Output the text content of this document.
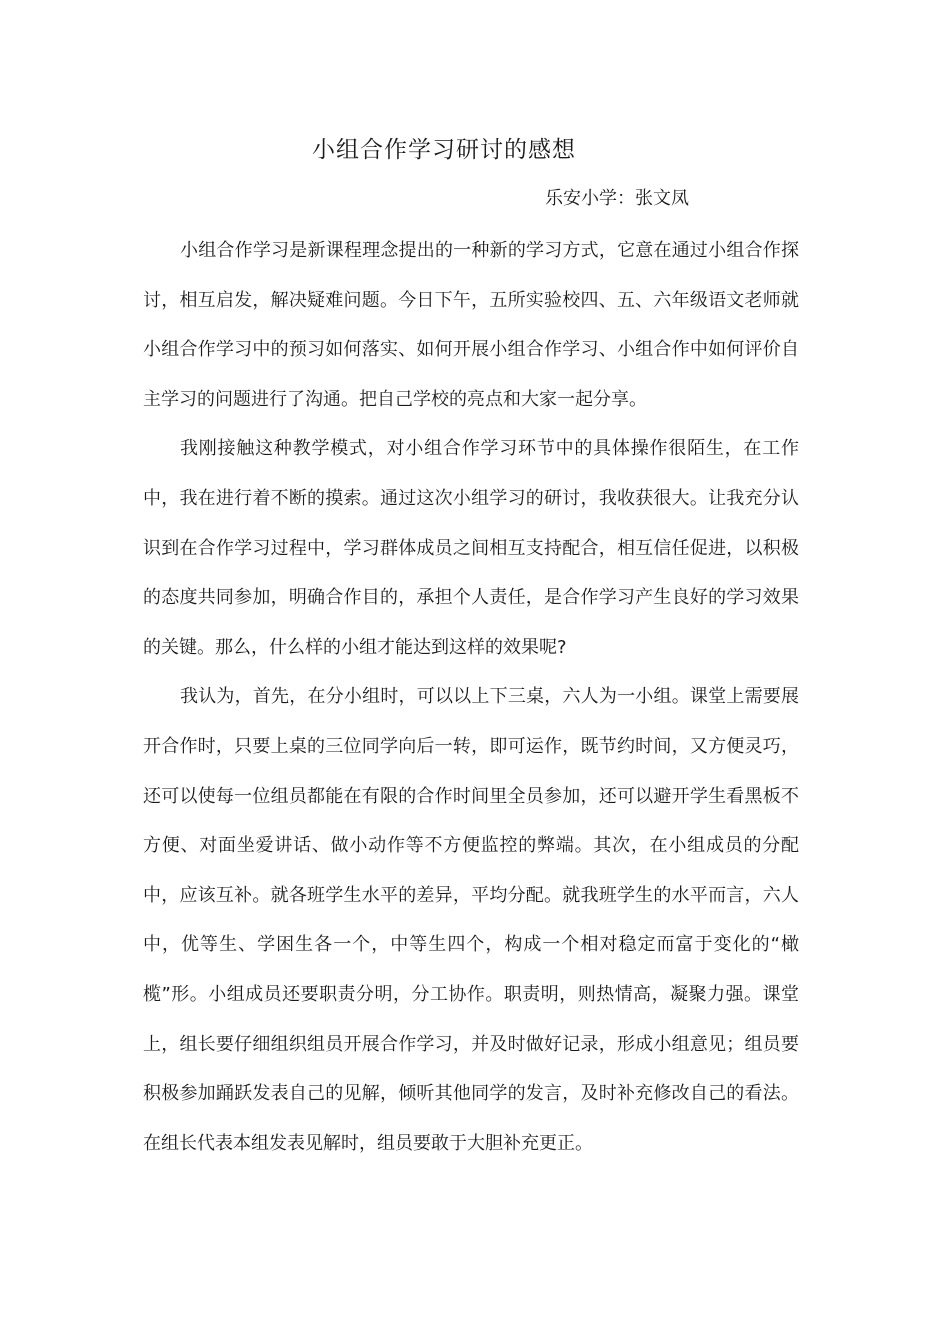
小组合作学习研讨的感想
乐安小学：张文凤

小组合作学习是新课程理念提出的一种新的学习方式，它意在通过小组合作探讨，相互启发，解决疑难问题。今日下午，五所实验校四、五、六年级语文老师就小组合作学习中的预习如何落实、如何开展小组合作学习、小组合作中如何评价自主学习的问题进行了沟通。把自己学校的亮点和大家一起分享。

我刚接触这种教学模式，对小组合作学习环节中的具体操作很陌生，在工作中，我在进行着不断的摸索。通过这次小组学习的研讨，我收获很大。让我充分认识到在合作学习过程中，学习群体成员之间相互支持配合，相互信任促进，以积极的态度共同参加，明确合作目的，承担个人责任，是合作学习产生良好的学习效果的关键。那么，什么样的小组才能达到这样的效果呢?

我认为，首先，在分小组时，可以以上下三桌，六人为一小组。课堂上需要展开合作时，只要上桌的三位同学向后一转，即可运作，既节约时间，又方便灵巧，还可以使每一位组员都能在有限的合作时间里全员参加，还可以避开学生看黑板不方便、对面坐爱讲话、做小动作等不方便监控的弊端。其次，在小组成员的分配中，应该互补。就各班学生水平的差异，平均分配。就我班学生的水平而言，六人中，优等生、学困生各一个，中等生四个，构成一个相对稳定而富于变化的“橄榄”形。小组成员还要职责分明，分工协作。职责明，则热情高，凝聚力强。课堂上，组长要仔细组织组员开展合作学习，并及时做好记录，形成小组意见；组员要积极参加踊跃发表自己的见解，倾听其他同学的发言，及时补充修改自己的看法。在组长代表本组发表见解时，组员要敢于大胆补充更正。
